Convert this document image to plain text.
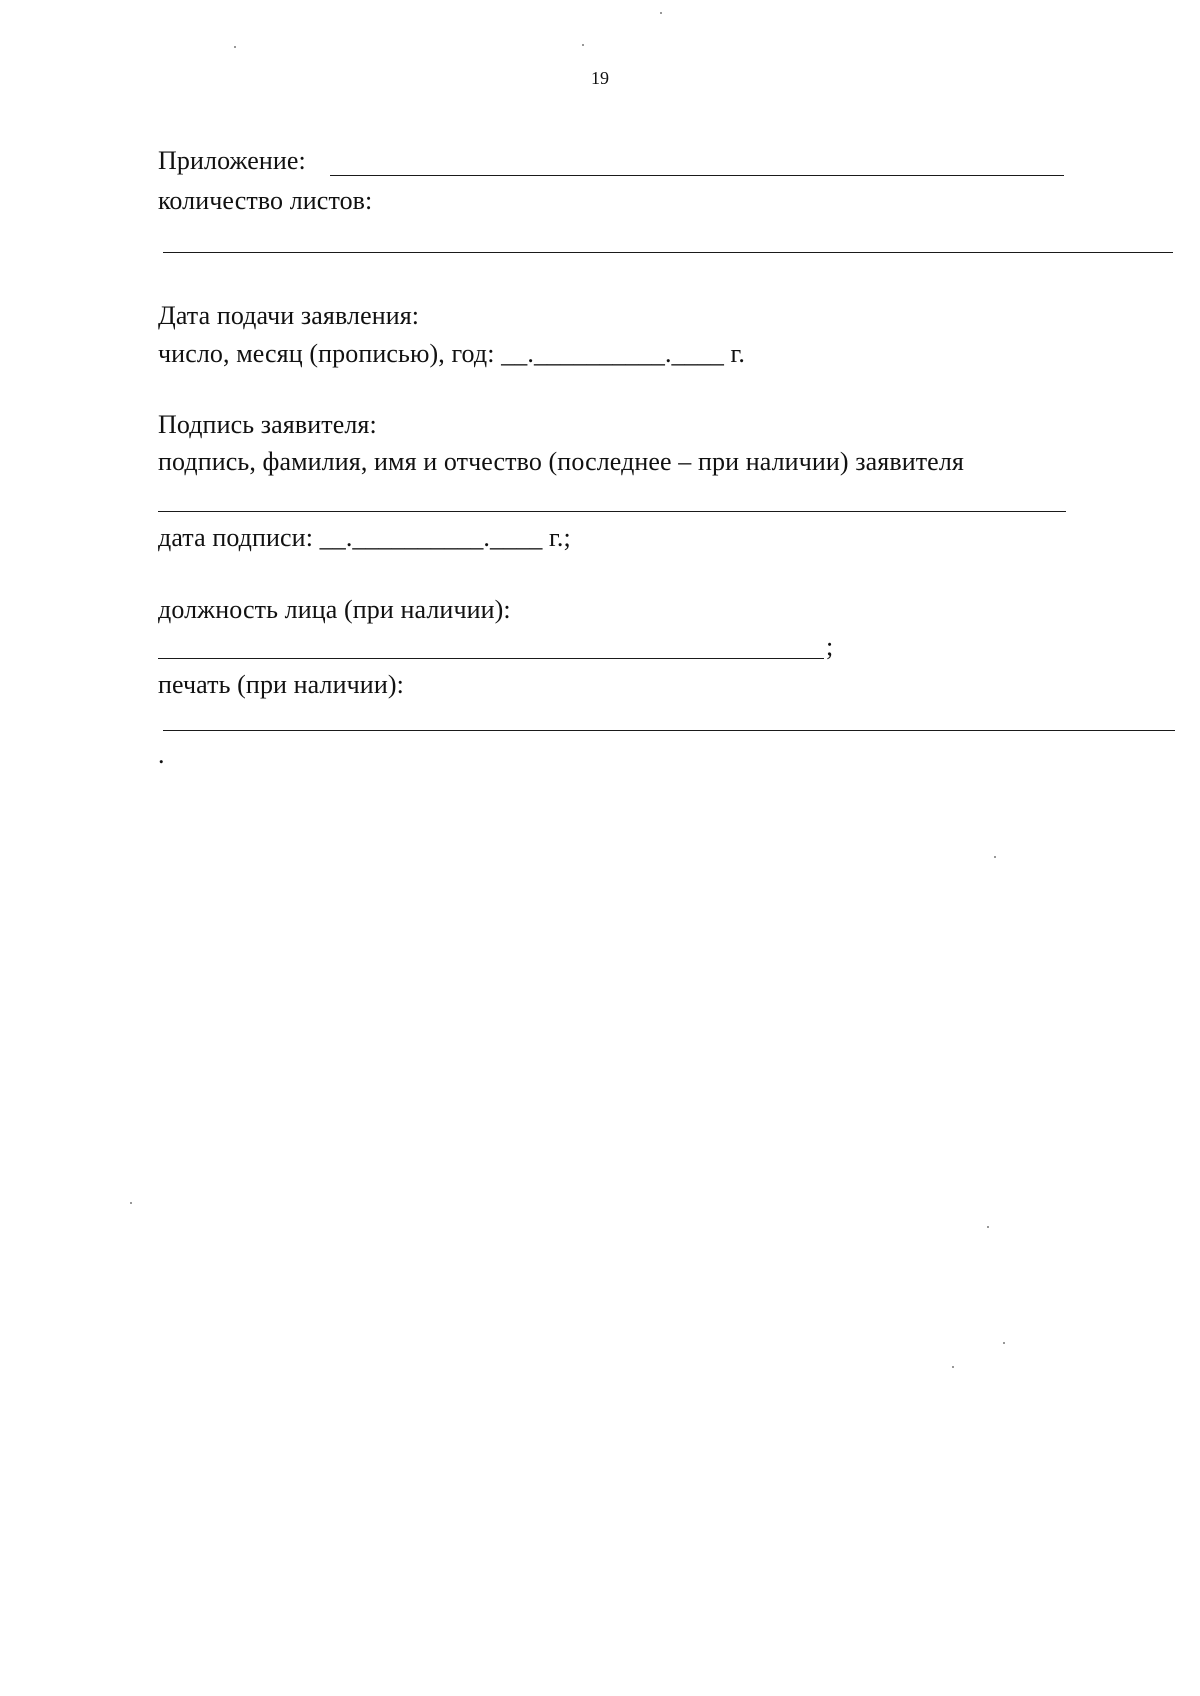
19
Приложение:
количество листов:
Дата подачи заявления:
число, месяц (прописью), год: __.__________.____ г.
Подпись заявителя:
подпись, фамилия, имя и отчество (последнее – при наличии) заявителя
дата подписи: __.__________.____ г.;
должность лица (при наличии):
;
печать (при наличии):
.
